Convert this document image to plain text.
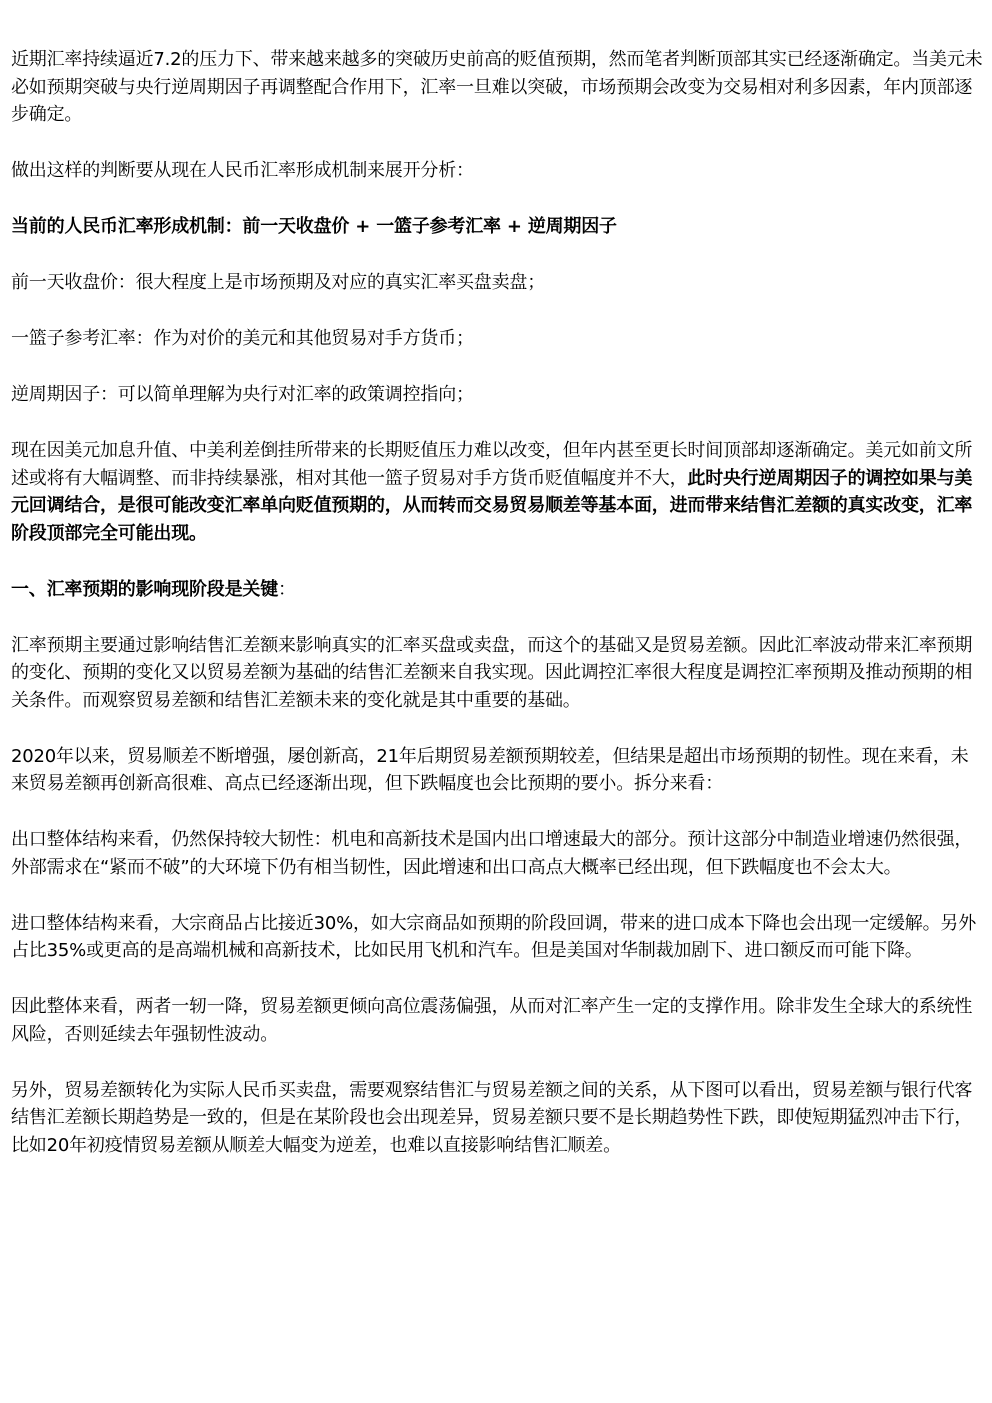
近期汇率持续逼近7.2的压力下、带来越来越多的突破历史前高的贬值预期，然而笔者判断顶部其实已经逐渐确定。当美元未必如预期突破与央行逆周期因子再调整配合作用下，汇率一旦难以突破，市场预期会改变为交易相对利多因素，年内顶部逐步确定。

做出这样的判断要从现在人民币汇率形成机制来展开分析：

当前的人民币汇率形成机制：前一天收盘价 + 一篮子参考汇率 + 逆周期因子

前一天收盘价：很大程度上是市场预期及对应的真实汇率买盘卖盘；

一篮子参考汇率：作为对价的美元和其他贸易对手方货币；

逆周期因子：可以简单理解为央行对汇率的政策调控指向；

现在因美元加息升值、中美利差倒挂所带来的长期贬值压力难以改变，但年内甚至更长时间顶部却逐渐确定。美元如前文所述或将有大幅调整、而非持续暴涨，相对其他一篮子贸易对手方货币贬值幅度并不大，此时央行逆周期因子的调控如果与美元回调结合，是很可能改变汇率单向贬值预期的，从而转而交易贸易顺差等基本面，进而带来结售汇差额的真实改变，汇率阶段顶部完全可能出现。

一、汇率预期的影响现阶段是关键：

汇率预期主要通过影响结售汇差额来影响真实的汇率买盘或卖盘，而这个的基础又是贸易差额。因此汇率波动带来汇率预期的变化、预期的变化又以贸易差额为基础的结售汇差额来自我实现。因此调控汇率很大程度是调控汇率预期及推动预期的相关条件。而观察贸易差额和结售汇差额未来的变化就是其中重要的基础。

2020年以来，贸易顺差不断增强，屡创新高，21年后期贸易差额预期较差，但结果是超出市场预期的韧性。现在来看，未来贸易差额再创新高很难、高点已经逐渐出现，但下跌幅度也会比预期的要小。拆分来看：

出口整体结构来看，仍然保持较大韧性：机电和高新技术是国内出口增速最大的部分。预计这部分中制造业增速仍然很强，外部需求在“紧而不破”的大环境下仍有相当韧性，因此增速和出口高点大概率已经出现，但下跌幅度也不会太大。

进口整体结构来看，大宗商品占比接近30%，如大宗商品如预期的阶段回调，带来的进口成本下降也会出现一定缓解。另外占比35%或更高的是高端机械和高新技术，比如民用飞机和汽车。但是美国对华制裁加剧下、进口额反而可能下降。

因此整体来看，两者一轫一降，贸易差额更倾向高位震荡偏强，从而对汇率产生一定的支撑作用。除非发生全球大的系统性风险，否则延续去年强韧性波动。

另外，贸易差额转化为实际人民币买卖盘，需要观察结售汇与贸易差额之间的关系，从下图可以看出，贸易差额与银行代客结售汇差额长期趋势是一致的，但是在某阶段也会出现差异，贸易差额只要不是长期趋势性下跌，即使短期猛烈冲击下行，比如20年初疫情贸易差额从顺差大幅变为逆差，也难以直接影响结售汇顺差。
